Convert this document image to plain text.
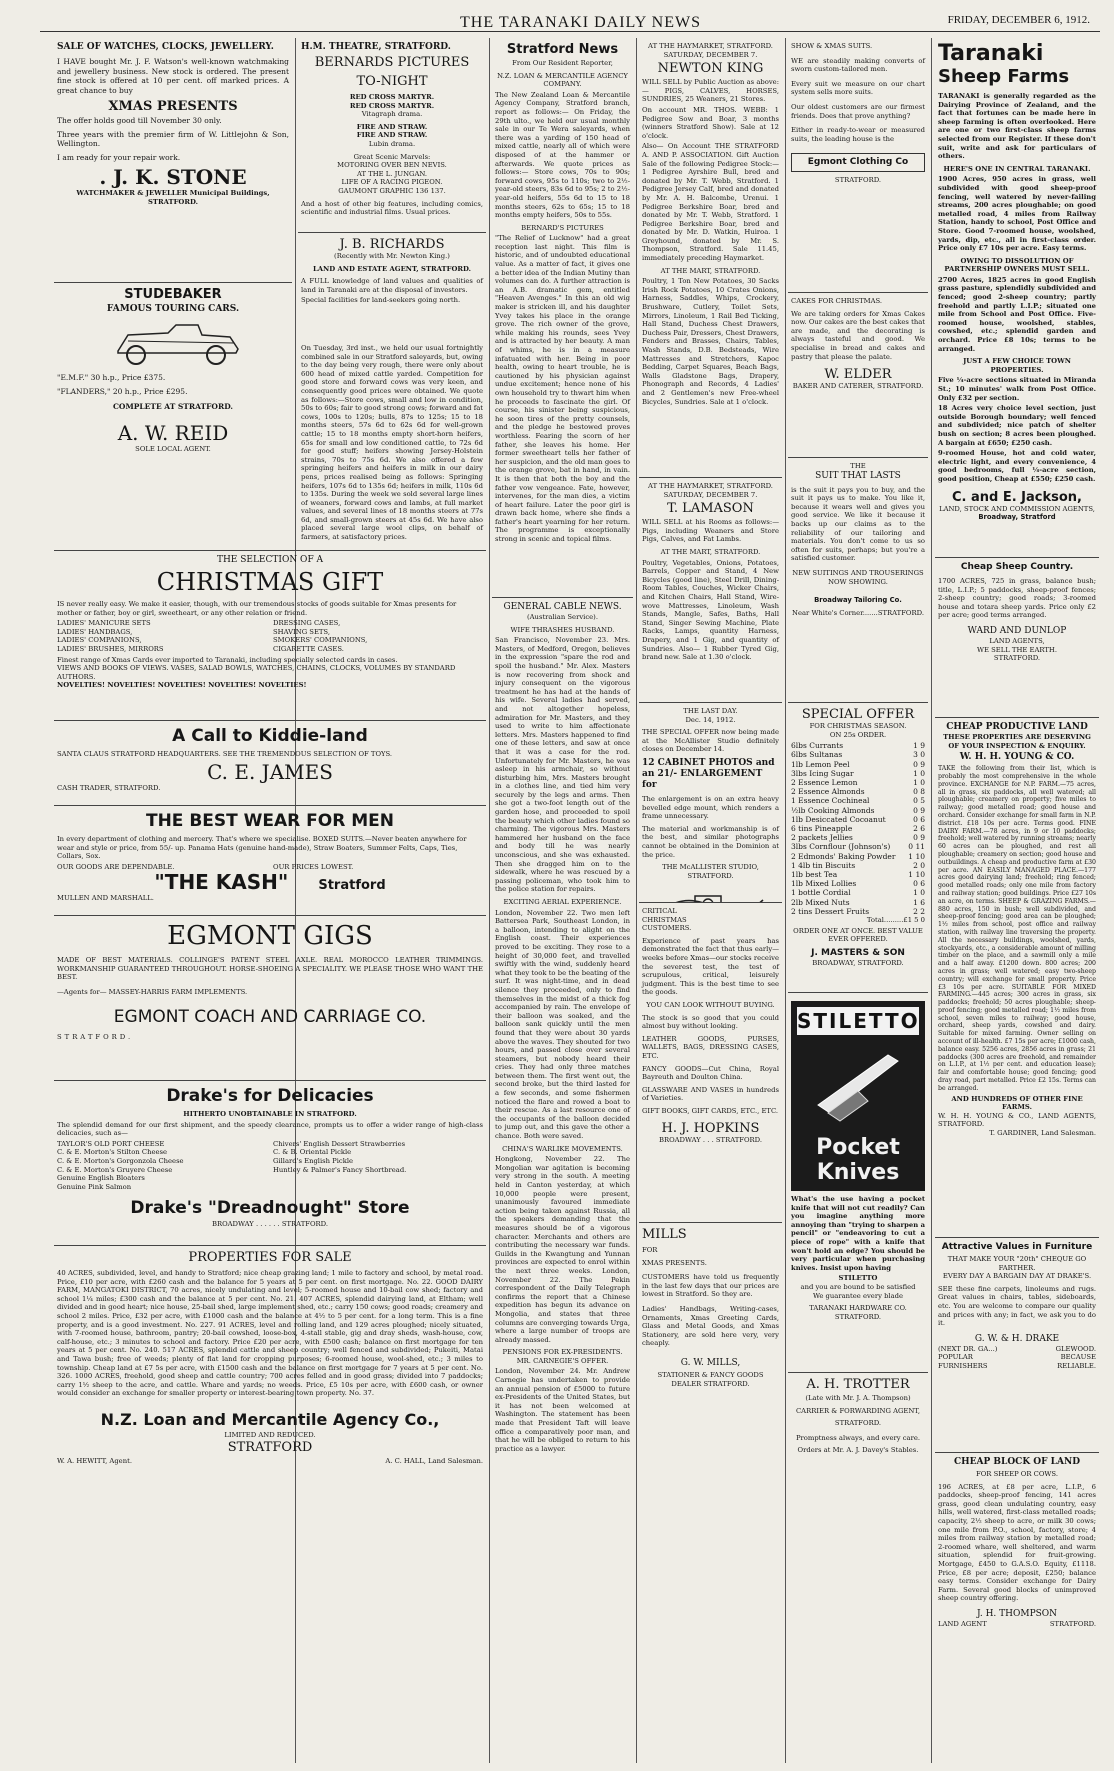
THE TARANAKI DAILY NEWS	FRIDAY, DECEMBER 6, 1912.
SALE OF WATCHES, CLOCKS, JEWELLERY.
I HAVE bought Mr. J. F. Watson's well-known watchmaking and jewellery business. New stock is ordered. The present fine stock is offered at 10 per cent. off marked prices. A great chance to buy
XMAS PRESENTS
The offer holds good till November 30 only.
Three years with the premier firm of W. Littlejohn & Son, Wellington.
I am ready for your repair work.
. J. K. STONE
WATCHMAKER & JEWELLER Municipal Buildings, STRATFORD.
STUDEBAKER
FAMOUS TOURING CARS.
"E.M.F." 30 h.p., Price £375.
"FLANDERS," 20 h.p., Price £295.
COMPLETE AT STRATFORD.
A. W. REID
SOLE LOCAL AGENT.
H.M. THEATRE, STRATFORD.
BERNARDS PICTURES
TO-NIGHT
RED CROSS MARTYR.
RED CROSS MARTYR.
Vitagraph drama.
FIRE AND STRAW.
FIRE AND STRAW.
Lubin drama.
Great Scenic Marvels:
MOTORING OVER BEN NEVIS.
AT THE L. JUNGAN.
LIFE OF A RACING PIGEON.
GAUMONT GRAPHIC 136 137.
And a host of other big features, including comics, scientific and industrial films. Usual prices.
J. B. RICHARDS
(Recently with Mr. Newton King.)
LAND AND ESTATE AGENT, STRATFORD.
A FULL knowledge of land values and qualities of land in Taranaki are at the disposal of investors.
Special facilities for land-seekers going north.
THE SELECTION OF A
CHRISTMAS GIFT
IS never really easy. We make it easier, though, with our tremendous stocks of goods suitable for Xmas presents for mother or father, boy or girl, sweetheart, or any other relation or friend.
LADIES' MANICURE SETS
LADIES' HANDBAGS,
LADIES' COMPANIONS,
LADIES' BRUSHES, MIRRORS
DRESSING CASES,
SHAVING SETS,
SMOKERS' COMPANIONS,
CIGARETTE CASES.
Finest range of Xmas Cards ever imported to Taranaki, including specially selected cards in cases.
VIEWS AND BOOKS OF VIEWS. VASES, SALAD BOWLS, WATCHES, CHAINS, CLOCKS, VOLUMES BY STANDARD AUTHORS.
NOVELTIES! NOVELTIES! NOVELTIES! NOVELTIES! NOVELTIES!
A Call to Kiddie-land
SANTA CLAUS STRATFORD HEADQUARTERS. SEE THE TREMENDOUS SELECTION OF TOYS.
C. E. JAMES
CASH TRADER, STRATFORD.
THE BEST WEAR FOR MEN
In every department of clothing and mercery. That's where we specialise. BOXED SUITS.—Never beaten anywhere for wear and style or price, from 55/- up. Panama Hats (genuine hand-made), Straw Boaters, Summer Felts, Caps, Ties, Collars, Sox.
OUR GOODS ARE DEPENDABLE.	OUR PRICES LOWEST.
"THE KASH" Stratford
MULLEN AND MARSHALL.
EGMONT GIGS
MADE OF BEST MATERIALS. COLLINGE'S PATENT STEEL AXLE. REAL MOROCCO LEATHER TRIMMINGS. WORKMANSHIP GUARANTEED THROUGHOUT. HORSE-SHOEING A SPECIALITY. WE PLEASE THOSE WHO WANT THE BEST.
—Agents for— MASSEY-HARRIS FARM IMPLEMENTS.
EGMONT COACH AND CARRIAGE CO.
STRATFORD.
Drake's for Delicacies
HITHERTO UNOBTAINABLE IN STRATFORD.
The splendid demand for our first shipment, and the speedy clearance, prompts us to offer a wider range of high-class delicacies, such as—
TAYLOR'S OLD PORT CHEESE
C. & E. Morton's Stilton Cheese
C. & E. Morton's Gorgonzola Cheese
C. & E. Morton's Gruyere Cheese
Genuine English Bloaters
Genuine Pink Salmon
Chivers' English Dessert Strawberries
C. & B. Oriental Pickle
Gillard's English Pickle
Huntley & Palmer's Fancy Shortbread.
Drake's "Dreadnought" Store
BROADWAY . . . . . . STRATFORD.
PROPERTIES FOR SALE
40 ACRES, subdivided, level, and handy to Stratford; nice cheap grazing land; 1 mile to factory and school, by metal road. Price, £10 per acre, with £260 cash and the balance for 5 years at 5 per cent. on first mortgage. No. 22. GOOD DAIRY FARM, MANGATOKI DISTRICT, 70 acres, nicely undulating and level; 5-roomed house and 10-bail cow shed; factory and school 1¼ miles; £300 cash and the balance at 5 per cent. No. 21. 407 ACRES, splendid dairying land, at Eltham; well divided and in good heart; nice house, 25-bail shed, large implement shed, etc.; carry 150 cows; good roads; creamery and school 2 miles. Price, £32 per acre, with £1000 cash and the balance at 4½ to 5 per cent. for a long term. This is a fine property, and is a good investment. No. 227. 91 ACRES, level and rolling land, and 129 acres ploughed; nicely situated, with 7-roomed house, bathroom, pantry; 20-bail cowshed, loose-box, 4-stall stable, gig and dray sheds, wash-house, cow, calf-house, etc.; 3 minutes to school and factory. Price £20 per acre, with £500 cash; balance on first mortgage for ten years at 5 per cent. No. 240. 517 ACRES, splendid cattle and sheep country; well fenced and subdivided; Pukeiti, Matai and Tawa bush; free of weeds; plenty of flat land for cropping purposes; 6-roomed house, wool-shed, etc.; 3 miles to township. Cheap land at £7 5s per acre, with £1500 cash and the balance on first mortgage for 7 years at 5 per cent. No. 326. 1000 ACRES, freehold, good sheep and cattle country; 700 acres felled and in good grass; divided into 7 paddocks; carry 1½ sheep to the acre, and cattle. Whare and yards; no weeds. Price, £5 10s per acre, with £600 cash, or owner would consider an exchange for smaller property or interest-bearing town property. No. 37.
N.Z. Loan and Mercantile Agency Co.,
LIMITED AND REDUCED.
STRATFORD
W. A. HEWITT, Agent.	A. C. HALL, Land Salesman.
On Tuesday, 3rd inst., we held our usual fortnightly combined sale in our Stratford saleyards, but, owing to the day being very rough, there were only about 600 head of mixed cattle yarded. Competition for good store and forward cows was very keen, and consequently good prices were obtained. We quote as follows:—Store cows, small and low in condition, 50s to 60s; fair to good strong cows; forward and fat cows, 100s to 120s; bulls, 87s to 125s; 15 to 18 months steers, 57s 6d to 62s 6d for well-grown cattle; 15 to 18 months empty short-horn heifers, 65s for small and low conditioned cattle, to 72s 6d for good stuff; heifers showing Jersey-Holstein strains, 70s to 75s 6d. We also offered a few springing heifers and heifers in milk in our dairy pens, prices realised being as follows: Springing heifers, 107s 6d to 135s 6d; heifers in milk, 110s 6d to 135s. During the week we sold several large lines of weaners, forward cows and lambs, at full market values, and several lines of 18 months steers at 77s 6d, and small-grown steers at 45s 6d. We have also placed several large wool clips, on behalf of farmers, at satisfactory prices.
Stratford News
From Our Resident Reporter,
N.Z. LOAN & MERCANTILE AGENCY COMPANY.
The New Zealand Loan & Mercantile Agency Company, Stratford branch, report as follows:— On Friday, the 29th ulto., we held our usual monthly sale in our Te Wera saleyards, when there was a yarding of 150 head of mixed cattle, nearly all of which were disposed of at the hammer or afterwards. We quote prices as follows:— Store cows, 70s to 90s; forward cows, 95s to 110s; two to 2½-year-old steers, 83s 6d to 95s; 2 to 2½-year-old heifers, 55s 6d to 15 to 18 months steers, 62s to 65s; 15 to 18 months empty heifers, 50s to 55s.
BERNARD'S PICTURES
"The Relief of Lucknow" had a great reception last night. This film is historic, and of undoubted educational value. As a matter of fact, it gives one a better idea of the Indian Mutiny than volumes can do. A further attraction is an A.B. dramatic gem, entitled "Heaven Avenges." In this an old wig maker is stricken ill, and his daughter Yvey takes his place in the orange grove. The rich owner of the grove, while making his rounds, sees Yvey and is attracted by her beauty. A man of whims, he is in a measure infatuated with her. Being in poor health, owing to heart trouble, he is cautioned by his physician against undue excitement; hence none of his own household try to thwart him when he proceeds to fascinate the girl. Of course, his sinister being suspicious, he soon tires of the pretty counsels, and the pledge he bestowed proves worthless. Fearing the scorn of her father, she leaves his home. Her former sweetheart tells her father of her suspicion, and the old man goes to the orange grove, bat in hand, in vain. It is then that both the boy and the father vow vengeance. Fate, however, intervenes, for the man dies, a victim of heart failure. Later the poor girl is drawn back home, where she finds a father's heart yearning for her return. The programme is exceptionally strong in scenic and topical films.
GENERAL CABLE NEWS.
(Australian Service).
WIFE THRASHES HUSBAND.
San Francisco, November 23. Mrs. Masters, of Medford, Oregon, believes in the expression "spare the rod and spoil the husband." Mr. Alex. Masters is now recovering from shock and injury consequent on the vigorous treatment he has had at the hands of his wife. Several ladies had served, and not altogether hopeless, admiration for Mr. Masters, and they used to write to him affectionate letters. Mrs. Masters happened to find one of these letters, and saw at once that it was a case for the rod. Unfortunately for Mr. Masters, he was asleep in his armchair, so without disturbing him, Mrs. Masters brought in a clothes line, and tied him very securely by the legs and arms. Then she got a two-foot length out of the garden hose, and proceeded to spoil the beauty which other ladies found so charming. The vigorous Mrs. Masters hammered her husband on the face and body till he was nearly unconscious, and she was exhausted. Then she dragged him on to the sidewalk, where he was rescued by a passing policeman, who took him to the police station for repairs.
EXCITING AERIAL EXPERIENCE.
London, November 22. Two men left Battersea Park, Southeast London, in a balloon, intending to alight on the English coast. Their experiences proved to be exciting. They rose to a height of 30,000 feet, and travelled swiftly with the wind, suddenly heard what they took to be the beating of the surf. It was night-time, and in dead silence they proceeded, only to find themselves in the midst of a thick fog accompanied by rain. The envelope of their balloon was soaked, and the balloon sank quickly until the men found that they were about 30 yards above the waves. They shouted for two hours, and passed close over several steamers, but nobody heard their cries. They had only three matches between them. The first went out, the second broke, but the third lasted for a few seconds, and some fishermen noticed the flare and rowed a boat to their rescue. As a last resource one of the occupants of the balloon decided to jump out, and this gave the other a chance. Both were saved.
CHINA'S WARLIKE MOVEMENTS.
Hongkong, November 22. The Mongolian war agitation is becoming very strong in the south. A meeting held in Canton yesterday, at which 10,000 people were present, unanimously favoured immediate action being taken against Russia, all the speakers demanding that the measures should be of a vigorous character. Merchants and others are contributing the necessary war funds. Guilds in the Kwangtung and Yunnan provinces are expected to enrol within the next three weeks. London, November 22. The Pekin correspondent of the Daily Telegraph confirms the report that a Chinese expedition has begun its advance on Mongolia, and states that three columns are converging towards Urga, where a large number of troops are already massed.
PENSIONS FOR EX-PRESIDENTS.
MR. CARNEGIE'S OFFER.
London, November 24. Mr. Andrew Carnegie has undertaken to provide an annual pension of £5000 to future ex-Presidents of the United States, but it has not been welcomed at Washington. The statement has been made that President Taft will leave office a comparatively poor man, and that he will be obliged to return to his practice as a lawyer.
AT THE HAYMARKET, STRATFORD.
SATURDAY, DECEMBER 7.
NEWTON KING
WILL SELL by Public Auction as above:— PIGS, CALVES, HORSES, SUNDRIES, 25 Weaners, 21 Stores.
On account MR. THOS. WEBB: 1 Pedigree Sow and Boar, 3 months (winners Stratford Show). Sale at 12 o'clock.
Also— On Account THE STRATFORD A. AND P. ASSOCIATION. Gift Auction Sale of the following Pedigree Stock:— 1 Pedigree Ayrshire Bull, bred and donated by Mr. T. Webb, Stratford. 1 Pedigree Jersey Calf, bred and donated by Mr. A. H. Balcombe, Urenui. 1 Pedigree Berkshire Boar, bred and donated by Mr. T. Webb, Stratford. 1 Pedigree Berkshire Boar, bred and donated by Mr. D. Watkin, Huiroa. 1 Greyhound, donated by Mr. S. Thompson, Stratford. Sale 11.45, immediately preceding Haymarket.
AT THE MART, STRATFORD.
Poultry, 1 Ton New Potatoes, 30 Sacks Irish Rock Potatoes, 10 Crates Onions, Harness, Saddles, Whips, Crockery, Brushware, Cutlery, Toilet Sets, Mirrors, Linoleum, 1 Rail Bed Ticking, Hall Stand, Duchess Chest Drawers, Duchess Pair, Dressers, Chest Drawers, Fenders and Brasses, Chairs, Tables, Wash Stands, D.B. Bedsteads, Wire Mattresses and Stretchers, Kapoc Bedding, Carpet Squares, Beach Bags, Walls Gladstone Bags, Drapery, Phonograph and Records, 4 Ladies' and 2 Gentlemen's new Free-wheel Bicycles, Sundries. Sale at 1 o'clock.
AT THE HAYMARKET, STRATFORD.
SATURDAY, DECEMBER 7.
T. LAMASON
WILL SELL at his Rooms as follows:— Pigs, including Weaners and Store Pigs, Calves, and Fat Lambs.
AT THE MART, STRATFORD.
Poultry, Vegetables, Onions, Potatoes, Barrels, Copper and Stand, 4 New Bicycles (good line), Steel Drill, Dining-Room Tables, Couches, Wicker Chairs, and Kitchen Chairs, Hall Stand, Wire-wove Mattresses, Linoleum, Wash Stands, Mangle, Safes, Baths, Hall Stand, Singer Sewing Machine, Plate Racks, Lamps, quantity Harness, Drapery, and 1 Gig, and quantity of Sundries. Also— 1 Rubber Tyred Gig, brand new. Sale at 1.30 o'clock.
THE LAST DAY.
Dec. 14, 1912.
THE SPECIAL OFFER now being made at the McAllister Studio definitely closes on December 14.
12 CABINET PHOTOS and an 21/- ENLARGEMENT for
The enlargement is on an extra heavy bevelled edge mount, which renders a frame unnecessary.
The material and workmanship is of the best, and similar photographs cannot be obtained in the Dominion at the price.
THE McALLISTER STUDIO, STRATFORD.
CRITICAL
CHRISTMAS
CUSTOMERS.
Experience of past years has demonstrated the fact that thus early—weeks before Xmas—our stocks receive the severest test, the test of scrupulous, critical, leisurely judgment. This is the best time to see the goods.
YOU CAN LOOK WITHOUT BUYING.
The stock is so good that you could almost buy without looking.
LEATHER GOODS, PURSES, WALLETS, BAGS, DRESSING CASES, ETC.
FANCY GOODS—Cut China, Royal Bayreuth and Doulton China.
GLASSWARE AND VASES in hundreds of Varieties.
GIFT BOOKS, GIFT CARDS, ETC., ETC.
H. J. HOPKINS
BROADWAY . . . STRATFORD.
MILLS
FOR
XMAS PRESENTS.
CUSTOMERS have told us frequently in the last few days that our prices are lowest in Stratford. So they are.
Ladies' Handbags, Writing-cases, Ornaments, Xmas Greeting Cards, Glass and Metal Goods, and Xmas Stationery, are sold here very, very cheaply.
G. W. MILLS,
STATIONER & FANCY GOODS DEALER STRATFORD.
SHOW & XMAS SUITS.
WE are steadily making converts of sworn custom-tailored men.
Every suit we measure on our chart system sells more suits.
Our oldest customers are our firmest friends. Does that prove anything?
Either in ready-to-wear or measured suits, the leading house is the
Egmont Clothing Co
STRATFORD.
CAKES FOR CHRISTMAS.
We are taking orders for Xmas Cakes now. Our cakes are the best cakes that are made, and the decorating is always tasteful and good. We specialise in bread and cakes and pastry that please the palate.
W. ELDER
BAKER AND CATERER, STRATFORD.
THE
SUIT THAT LASTS
is the suit it pays you to buy, and the suit it pays us to make. You like it, because it wears well and gives you good service. We like it because it backs up our claims as to the reliability of our tailoring and materials. You don't come to us so often for suits, perhaps; but you're a satisfied customer.
NEW SUITINGS AND TROUSERINGS NOW SHOWING.
Broadway Tailoring Co.
Near White's Corner.......STRATFORD.
SPECIAL OFFER
FOR CHRISTMAS SEASON.
ON 25s ORDER.
6lbs Currants	1 9
6lbs Sultanas	3 0
1lb Lemon Peel	0 9
3lbs Icing Sugar	1 0
2 Essence Lemon	1 0
2 Essence Almonds	0 8
1 Essence Cochineal	0 5
½lb Cooking Almonds	0 9
1lb Desiccated Cocoanut	0 6
6 tins Pineapple	2 6
2 packets Jellies	0 9
3lbs Cornflour (Johnson's) 0 11
2 Edmonds' Baking Powder 1 10
1 4lb tin Biscuits	2 0
1lb best Tea	1 10
1lb Mixed Lollies	0 6
1 bottle Cordial	1 0
2lb Mixed Nuts	1 6
2 tins Dessert Fruits	2 2
Total.........£1 5 0
ORDER ONE AT ONCE. BEST VALUE EVER OFFERED.
J. MASTERS & SON
BROADWAY, STRATFORD.
STILETTO
Pocket Knives
What's the use having a pocket knife that will not cut readily? Can you imagine anything more annoying than "trying to sharpen a pencil" or "endeavoring to cut a piece of rope" with a knife that won't hold an edge? You should be very particular when purchasing knives. Insist upon having
STILETTO
and you are bound to be satisfied
We guarantee every blade
TARANAKI HARDWARE CO.
STRATFORD.
A. H. TROTTER
(Late with Mr. J. A. Thompson)
CARRIER & FORWARDING AGENT,
STRATFORD.
Promptness always, and every care.
Orders at Mr. A. J. Davey's Stables.
Taranaki
Sheep Farms
TARANAKI is generally regarded as the Dairying Province of Zealand, and the fact that fortunes can be made here in sheep farming is often overlooked. Here are one or two first-class sheep farms selected from our Register. If these don't suit, write and ask for particulars of others.
HERE'S ONE IN CENTRAL TARANAKI.
1900 Acres, 950 acres in grass, well subdivided with good sheep-proof fencing, well watered by never-failing streams, 200 acres ploughable; on good metalled road, 4 miles from Railway Station, handy to school, Post Office and Store. Good 7-roomed house, woolshed, yards, dip, etc., all in first-class order. Price only £7 10s per acre. Easy terms.
OWING TO DISSOLUTION OF PARTNERSHIP OWNERS MUST SELL.
2700 Acres, 1825 acres in good English grass pasture, splendidly subdivided and fenced; good 2-sheep country; partly freehold and partly L.I.P.; situated one mile from School and Post Office. Five-roomed house, woolshed, stables, cowshed, etc.; splendid garden and orchard. Price £8 10s; terms to be arranged.
JUST A FEW CHOICE TOWN PROPERTIES.
Five ¼-acre sections situated in Miranda St.; 10 minutes' walk from Post Office. Only £32 per section.
18 Acres very choice level section, just outside Borough boundary; well fenced and subdivided; nice patch of shelter bush on section; 8 acres been ploughed. A bargain at £650; £250 cash.
9-roomed House, hot and cold water, electric light, and every convenience, 4 good bedrooms, full ¼-acre section, good position, Cheap at £550; £250 cash.
C. and E. Jackson,
LAND, STOCK AND COMMISSION AGENTS,
Broadway, Stratford
Cheap Sheep Country.
1700 ACRES, 725 in grass, balance bush; title, L.I.P.; 5 paddocks, sheep-proof fences; 2-sheep country; good roads; 3-roomed house and totara sheep yards. Price only £2 per acre; good terms arranged.
WARD AND DUNLOP
LAND AGENTS,
WE SELL THE EARTH.
STRATFORD.
CHEAP PRODUCTIVE LAND
THESE PROPERTIES ARE DESERVING OF YOUR INSPECTION & ENQUIRY.
W. H. H. YOUNG & CO.
TAKE the following from their list, which is probably the most comprehensive in the whole province. EXCHANGE for N.P. FARM.—75 acres, all in grass, six paddocks, all well watered; all ploughable; creamery on property; five miles to railway; good metalled road; good house and orchard. Consider exchange for small farm in N.P. district. £18 10s per acre. Terms good. FINE DAIRY FARM.—78 acres, in 9 or 10 paddocks; freehold; well watered by running streams; nearly 60 acres can be ploughed, and rest all ploughable; creamery on section; good house and outbuildings. A cheap and productive farm at £30 per acre. AN EASILY MANAGED PLACE.—177 acres good dairying land; freehold; ring fenced; good metalled roads; only one mile from factory and railway station; good buildings. Price £27 10s an acre, on terms. SHEEP & GRAZING FARMS.—880 acres, 150 in bush; well subdivided, and sheep-proof fencing; good area can be ploughed; 1½ miles from school, post office and railway station, with railway line traversing the property. All the necessary buildings, woolshed, yards, stockyards, etc., a considerable amount of milling timber on the place, and a sawmill only a mile and a half away. £1200 down. 800 acres; 200 acres in grass; well watered; easy two-sheep country; will exchange for small property. Price £3 10s per acre. SUITABLE FOR MIXED FARMING.—445 acres; 300 acres in grass, six paddocks; freehold; 50 acres ploughable; sheep-proof fencing; good metalled road; 1½ miles from school, seven miles to railway; good house, orchard, sheep yards, cowshed and dairy. Suitable for mixed farming. Owner selling on account of ill-health. £7 15s per acre; £1000 cash, balance easy. 5256 acres, 2856 acres in grass; 21 paddocks (300 acres are freehold, and remainder on L.I.P., at 1½ per cent. and education lease); fair and comfortable house; good fencing; good dray road, part metalled. Price £2 15s. Terms can be arranged.
AND HUNDREDS OF OTHER FINE FARMS.
W. H. H. YOUNG & CO., LAND AGENTS, STRATFORD.
T. GARDINER, Land Salesman.
Attractive Values in Furniture
THAT MAKE YOUR "20th" CHEQUE GO FARTHER.
EVERY DAY A BARGAIN DAY AT DRAKE'S.
SEE these fine carpets, linoleums and rugs. Great values in chairs, tables, sideboards, etc. You are welcome to compare our quality and prices with any; in fact, we ask you to do it.
G. W. & H. DRAKE
(NEXT DR. GA...)	GLEWOOD.
POPULAR FURNISHERS
BECAUSE RELIABLE.
CHEAP BLOCK OF LAND
FOR SHEEP OR COWS.
196 ACRES, at £8 per acre, L.I.P., 6 paddocks, sheep-proof fencing, 141 acres grass, good clean undulating country, easy hills, well watered, first-class metalled roads; capacity, 2½ sheep to acre, or milk 30 cows; one mile from P.O., school, factory, store; 4 miles from railway station by metalled road; 2-roomed whare, well sheltered, and warm situation, splendid for fruit-growing. Mortgage, £450 to G.A.S.O. Equity, £1118. Price, £8 per acre; deposit, £250; balance easy terms. Consider exchange for Dairy Farm. Several good blocks of unimproved sheep country offering.
J. H. THOMPSON
LAND AGENT	STRATFORD.
